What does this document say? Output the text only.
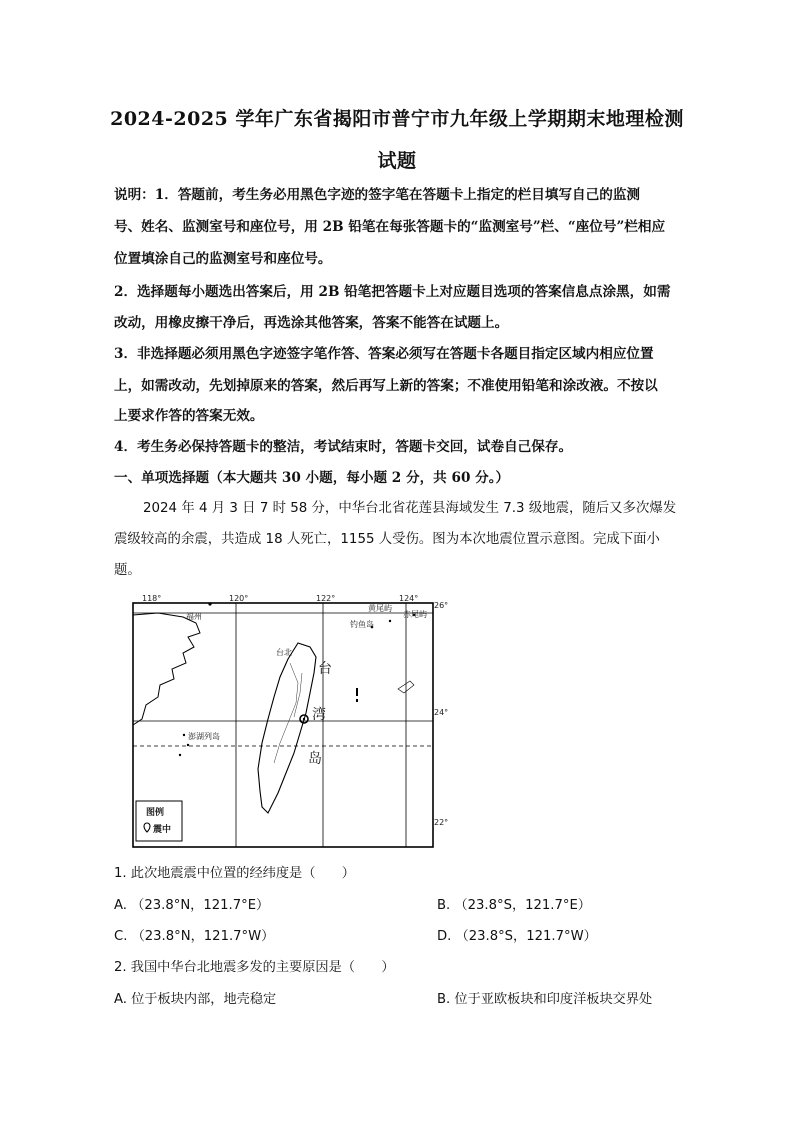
2024-2025 学年广东省揭阳市普宁市九年级上学期期末地理检测
试题
说明：1．答题前，考生务必用黑色字迹的签字笔在答题卡上指定的栏目填写自己的监测
号、姓名、监测室号和座位号，用 2B 铅笔在每张答题卡的“监测室号”栏、“座位号”栏相应
位置填涂自己的监测室号和座位号。
2．选择题每小题选出答案后，用 2B 铅笔把答题卡上对应题目选项的答案信息点涂黑，如需
改动，用橡皮擦干净后，再选涂其他答案，答案不能答在试题上。
3．非选择题必须用黑色字迹签字笔作答、答案必须写在答题卡各题目指定区域内相应位置
上，如需改动，先划掉原来的答案，然后再写上新的答案；不准使用铅笔和涂改液。不按以
上要求作答的答案无效。
4．考生务必保持答题卡的整洁，考试结束时，答题卡交回，试卷自己保存。
一、单项选择题（本大题共 30 小题，每小题 2 分，共 60 分。）
2024 年 4 月 3 日 7 时 58 分，中华台北省花莲县海域发生 7.3 级地震，随后又多次爆发
震级较高的余震，共造成 18 人死亡，1155 人受伤。图为本次地震位置示意图。完成下面小
题。
118°	120°	122°	124°
26°
24°
22°
福州
黄尾屿
赤尾屿
钓鱼岛
台北
澎湖列岛
台
湾
岛
图例
震中
1. 此次地震震中位置的经纬度是（　　）
A. （23.8°N，121.7°E）	B. （23.8°S，121.7°E）
C. （23.8°N，121.7°W）	D. （23.8°S，121.7°W）
2. 我国中华台北地震多发的主要原因是（　　）
A. 位于板块内部，地壳稳定	B. 位于亚欧板块和印度洋板块交界处
